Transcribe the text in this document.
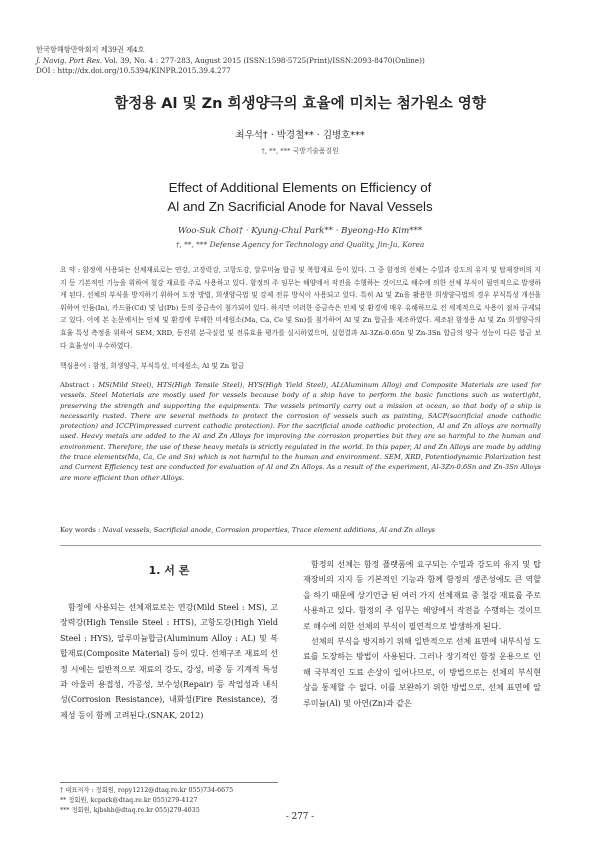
한국항해항만학회지 제39권 제4호
J. Navig. Port Res. Vol. 39, No. 4 : 277-283, August 2015 (ISSN:1598-5725(Print)/ISSN:2093-8470(Online))
DOI : http://dx.doi.org/10.5394/KINPR.2015.39.4.277
함정용 Al 및 Zn 희생양극의 효율에 미치는 첨가원소 영향
최우석† · 박경철** · 김병호***
†, **, *** 국방기술품질원
Effect of Additional Elements on Efficiency of
Al and Zn Sacrificial Anode for Naval Vessels
Woo-Suk Choi† · Kyung-Chul Park** · Byeong-Ho Kim***
†, **, *** Defense Agency for Technology and Quality, Jin-Ju, Korea
요 약 : 함정에 사용되는 선체재료로는 연강, 고장력강, 고항도강, 알루미늄 합금 및 복합재료 등이 있다. 그 중 함정의 선체는 수밀과 강도의 유지 및 탑재장비의 지지 등 기본적인 기능을 위하여 철강 재료를 주로 사용하고 있다. 함정의 주 임무는 해양에서 작전을 수행하는 것이므로 해수에 의한 선체 부식이 필연적으로 발생하게 된다. 선체의 부식을 방지하기 위하여 도장 방법, 희생양극법 및 강제 전류 방식이 사용되고 있다. 특히 Al 및 Zn을 활용한 희생양극법의 경우 부식특성 개선을 위하여 인듐(In), 카드뮴(Cd) 및 납(Pb) 등의 중금속이 첨가되어 있다. 하지만 이러한 중금속은 인체 및 환경에 매우 유해하므로 전 세계적으로 사용이 점차 규제되고 있다. 이에 본 논문에서는 인체 및 환경에 무해한 미세원소(Ma, Ca, Ce 및 Sn)를 첨가하여 Al 및 Zn 합금을 제조하였다. 제조된 함정용 Al 및 Zn 희생양극의 효율 특성 측정을 위하여 SEM, XRD, 동전위 분극실험 및 전류효율 평가를 실시하였으며, 실험결과 Al-3Zn-0.65n 및 Zn-3Sn 합금의 양극 성능이 다른 합금 보다 효율성이 우수하였다.
핵심용어 : 함정, 희생양극, 부식특성, 미세원소, Al 및 Zn 합금
Abstract : MS(Mild Steel), HTS(High Tensile Steel), HYS(High Yield Steel), AL(Aluminum Alloy) and Composite Materials are used for vessels. Steel Materials are mostly used for vessels because body of a ship have to perform the basic functions such as watertight, preserving the strength and supporting the equipments. The vessels primarily carry out a mission at ocean, so that body of a ship is necessarily rusted. There are several methods to protect the corrosion of vessels such as painting, SACP(sacrificial anode cathodic protection) and ICCP(impressed current cathodic protection). For the sacrificial anode cathodic protection, Al and Zn alloys are normally used. Heavy metals are added to the Al and Zn Alloys for improving the corrosion properties but they are so harmful to the human and environment. Therefore, the use of these heavy metals is strictly regulated in the world. In this paper, Al and Zn Alloys are made by adding the trace elements(Ma, Ca, Ce and Sn) which is not harmful to the human and environment. SEM, XRD, Potentiodynamic Polarization test and Current Efficiency test are conducted for evaluation of Al and Zn Alloys. As a result of the experiment, Al-3Zn-0.6Sn and Zn-3Sn Alloys are more efficient than other Alloys.
Key words : Naval vessels, Sacrificial anode, Corrosion properties, Trace element additions, Al and Zn alloys
1. 서 론

함정에 사용되는 선체재료로는 연강(Mild Steel : MS), 고장력강(High Tensile Steel : HTS), 고항도강(High Yield Steel : HYS), 알루미늄합금(Aluminum Alloy : AL) 및 복합재료(Composite Material) 등이 있다. 선체구조 재료의 선정 시에는 일반적으로 재료의 강도, 강성, 비중 등 기계적 특성과 아울러 용접성, 가공성, 보수성(Repair) 등 작업성과 내식성(Corrosion Resistance), 내화성(Fire Resistance), 경제성 등이 함께 고려된다.(SNAK, 2012)

함정의 선체는 함정 플랫폼에 요구되는 수밀과 강도의 유지 및 탑재장비의 지지 등 기본적인 기능과 함께 함정의 생존성에도 큰 역할을 하기 때문에 상기언급 된 여러 가지 선체재료 중 철강 재료를 주로 사용하고 있다. 함정의 주 임무는 해양에서 작전을 수행하는 것이므로 해수에 의한 선체의 부식이 필연적으로 발생하게 된다.

선체의 부식을 방지하기 위해 일반적으로 선체 표면에 내부식성 도료를 도장하는 방법이 사용된다. 그러나 장기적인 함정 운용으로 인해 국부적인 도료 손상이 일어나므로, 이 방법으로는 선체의 부식현상을 통제할 수 없다. 이를 보완하기 위한 방법으로, 선체 표면에 알루미늄(Al) 및 아연(Zn)과 같은

† 대표저자 : 정회원, ropy1212@dtaq.re.kr 055)734-6675
** 정회원, kcpark@dtaq.re.kr 055)279-4127
*** 정회원, kjbshh@dtaq.re.kr 055)279-4035
- 277 -
